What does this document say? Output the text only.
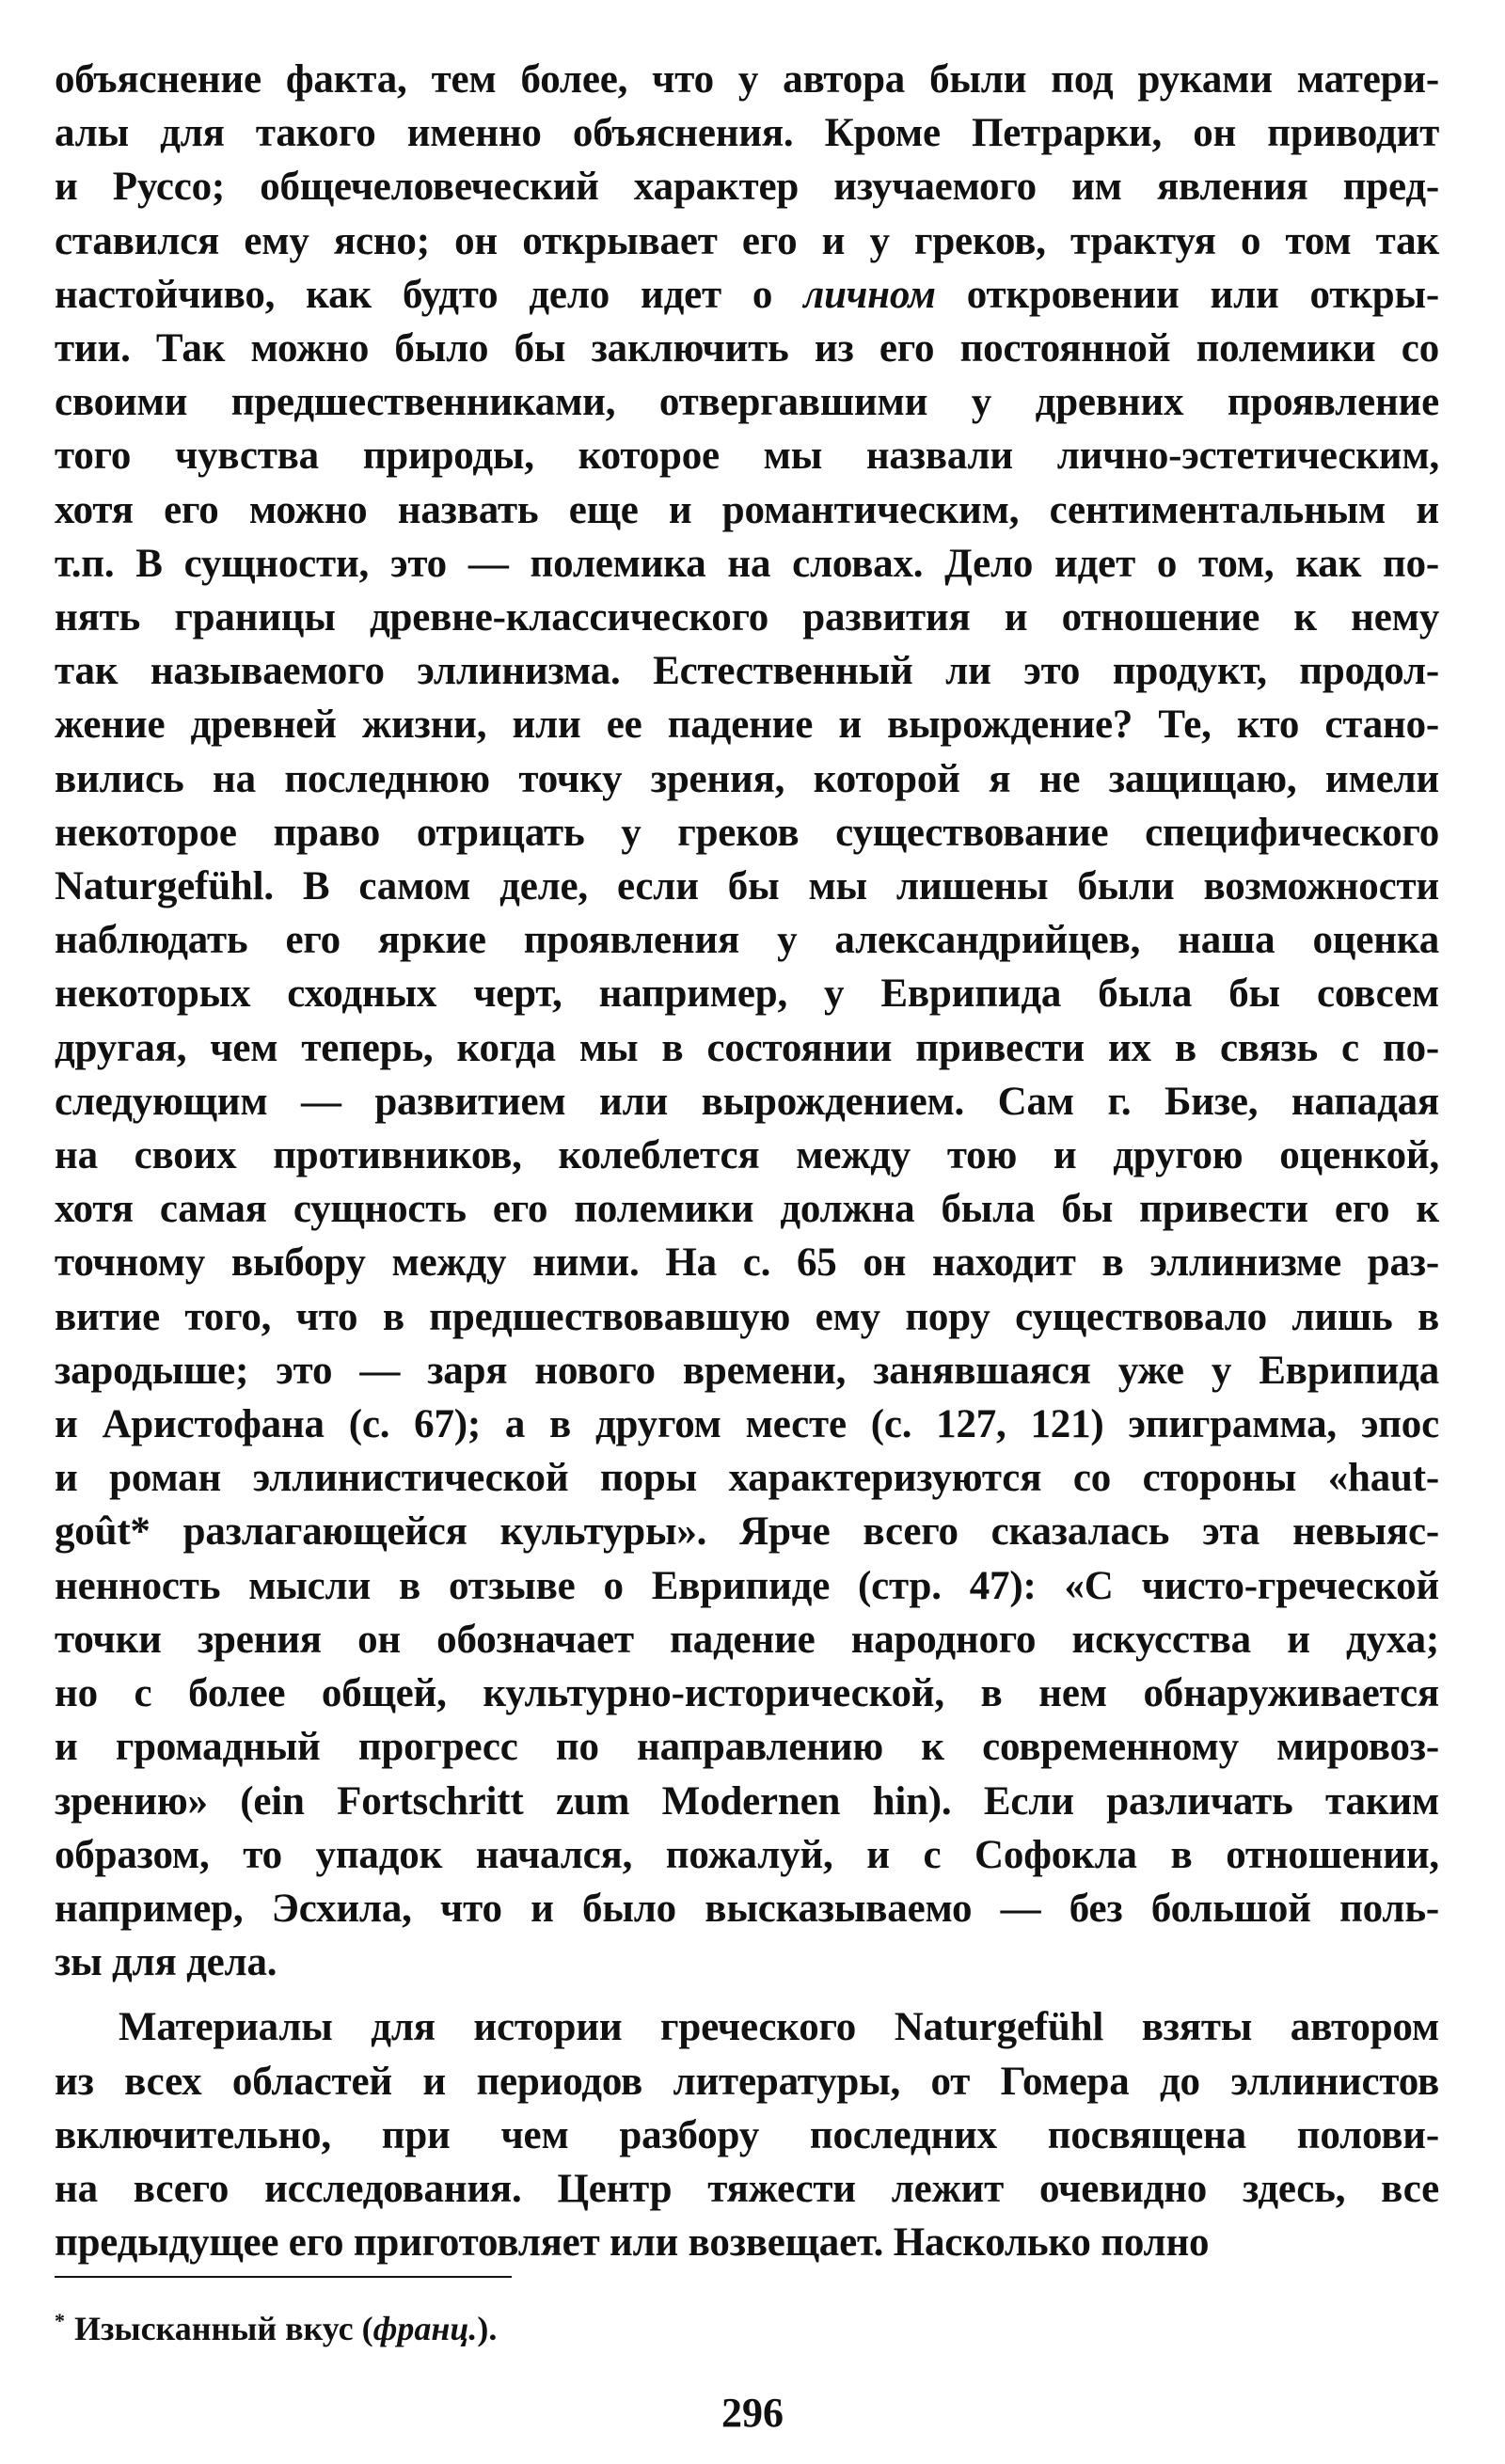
объяснение факта, тем более, что у автора были под руками матери-
алы для такого именно объяснения. Кроме Петрарки, он приводит
и Руссо; общечеловеческий характер изучаемого им явления пред-
ставился ему ясно; он открывает его и у греков, трактуя о том так
настойчиво, как будто дело идет о личном откровении или откры-
тии. Так можно было бы заключить из его постоянной полемики со
своими предшественниками, отвергавшими у древних проявление
того чувства природы, которое мы назвали лично-эстетическим,
хотя его можно назвать еще и романтическим, сентиментальным и
т.п. В сущности, это — полемика на словах. Дело идет о том, как по-
нять границы древне-классического развития и отношение к нему
так называемого эллинизма. Естественный ли это продукт, продол-
жение древней жизни, или ее падение и вырождение? Те, кто стано-
вились на последнюю точку зрения, которой я не защищаю, имели
некоторое право отрицать у греков существование специфического
Naturgefühl. В самом деле, если бы мы лишены были возможности
наблюдать его яркие проявления у александрийцев, наша оценка
некоторых сходных черт, например, у Еврипида была бы совсем
другая, чем теперь, когда мы в состоянии привести их в связь с по-
следующим — развитием или вырождением. Сам г. Бизе, нападая
на своих противников, колеблется между тою и другою оценкой,
хотя самая сущность его полемики должна была бы привести его к
точному выбору между ними. На с. 65 он находит в эллинизме раз-
витие того, что в предшествовавшую ему пору существовало лишь в
зародыше; это — заря нового времени, занявшаяся уже у Еврипида
и Аристофана (с. 67); а в другом месте (с. 127, 121) эпиграмма, эпос
и роман эллинистической поры характеризуются со стороны «haut-
goût* разлагающейся культуры». Ярче всего сказалась эта невыяс-
ненность мысли в отзыве о Еврипиде (стр. 47): «С чисто-греческой
точки зрения он обозначает падение народного искусства и духа;
но с более общей, культурно-исторической, в нем обнаруживается
и громадный прогресс по направлению к современному мировоз-
зрению» (ein Fortschritt zum Modernen hin). Если различать таким
образом, то упадок начался, пожалуй, и с Софокла в отношении,
например, Эсхила, что и было высказываемо — без большой поль-
зы для дела.

Материалы для истории греческого Naturgefühl взяты автором
из всех областей и периодов литературы, от Гомера до эллинистов
включительно, при чем разбору последних посвящена полови-
на всего исследования. Центр тяжести лежит очевидно здесь, все
предыдущее его приготовляет или возвещает. Насколько полно

* Изысканный вкус (франц.).
296
